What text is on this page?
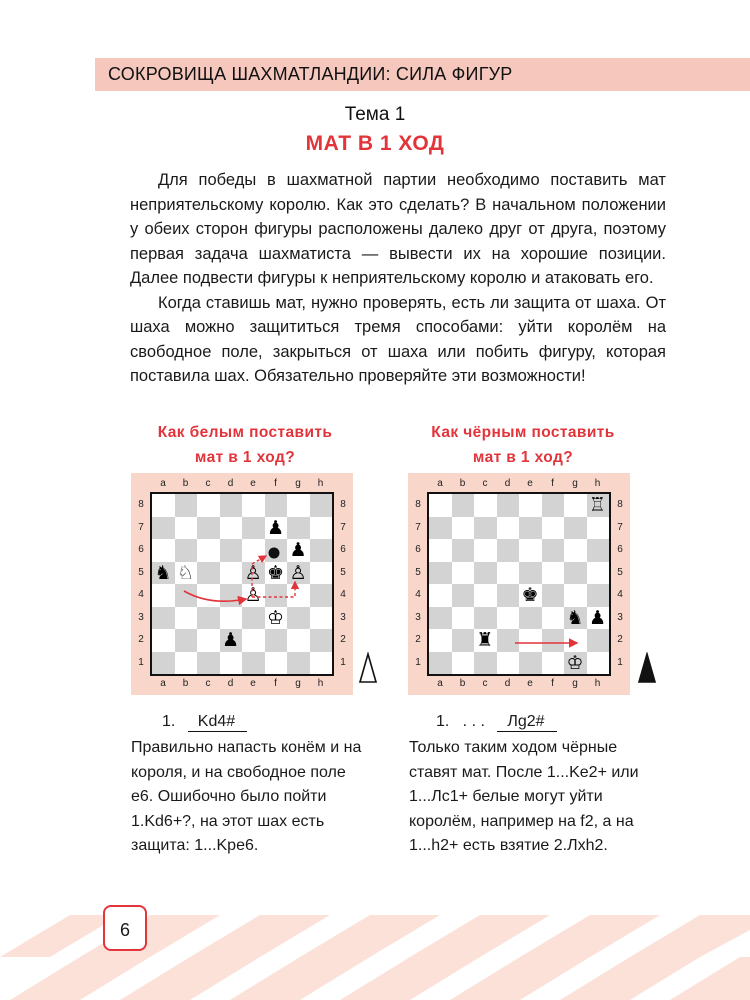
СОКРОВИЩА ШАХМАТЛАНДИИ: СИЛА ФИГУР
Тема 1
МАТ В 1 ХОД

Для победы в шахматной партии необходимо поставить мат неприятельскому королю. Как это сделать? В начальном положении у обеих сторон фигуры расположены далеко друг от друга, поэтому первая задача шахматиста — вывести их на хорошие позиции. Далее подвести фигуры к неприятельскому королю и атаковать его.

Когда ставишь мат, нужно проверять, есть ли защита от шаха. От шаха можно защититься тремя способами: уйти королём на свободное поле, закрыться от шаха или побить фигуру, которая поставила шах. Обязательно проверяйте эти возможности!

Как белым поставить
мат в 1 ход?
♟
♟
♞ ♘	♙ ♚ ♙
♙
♔
♟
a
a
b
b
c
c
d
d
e
e
f
f
g
g
h
h
8	8
7	7
6	6
5	5
4	4
3	3
2	2
1	1
1. Kd4#
Правильно напасть конём и на короля, и на свободное поле e6. Ошибочно было пойти 1.Kd6+?, на этот шах есть защита: 1...Kpe6.
Как чёрным поставить
мат в 1 ход?
♖
♚
♞ ♟
♜
♔
a
a
b
b
c
c
d
d
e
e
f
f
g
g
h
h
8	8
7	7
6	6
5	5
4	4
3	3
2	2
1	1
1.   . . . Лg2#
Только таким ходом чёрные ставят мат. После 1...Ke2+ или 1...Лc1+ белые могут уйти королём, например на f2, а на 1...h2+ есть взятие 2.Лxh2.
6
